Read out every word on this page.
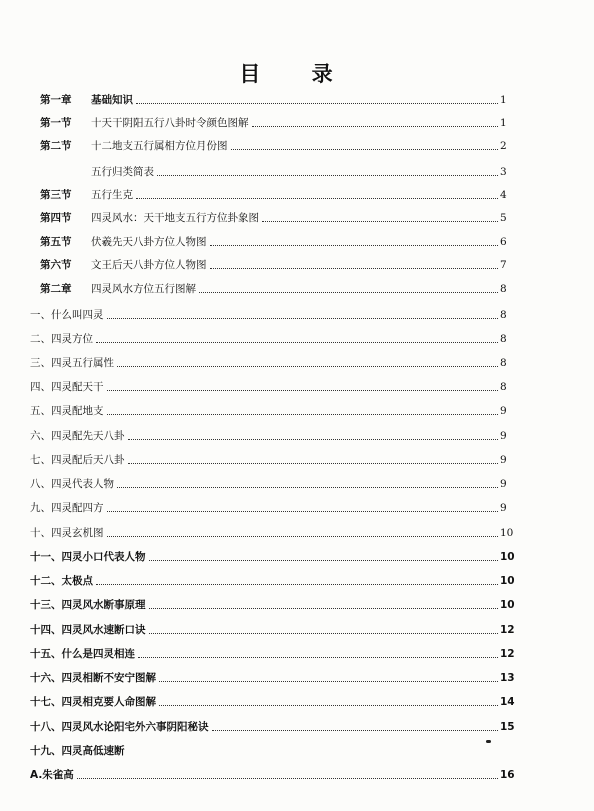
目 录
第一章 基础知识	1
第一节 十天干阴阳五行八卦时令颜色图解	1
第二节 十二地支五行属相方位月份图	2
五行归类简表	3
第三节 五行生克	4
第四节 四灵风水：天干地支五行方位卦象图	5
第五节 伏羲先天八卦方位人物图	6
第六节 文王后天八卦方位人物图	7
第二章 四灵风水方位五行图解	8
一、什么叫四灵	8
二、四灵方位	8
三、四灵五行属性	8
四、四灵配天干	8
五、四灵配地支	9
六、四灵配先天八卦	9
七、四灵配后天八卦	9
八、四灵代表人物	9
九、四灵配四方	9
十、四灵玄机图	10
十一、四灵小口代表人物	10
十二、太极点	10
十三、四灵风水断事原理	10
十四、四灵风水速断口诀	12
十五、什么是四灵相连	12
十六、四灵相断不安宁图解	13
十七、四灵相克要人命图解	14
十八、四灵风水论阳宅外六事阴阳秘诀	15
十九、四灵高低速断
A.朱雀高	16
